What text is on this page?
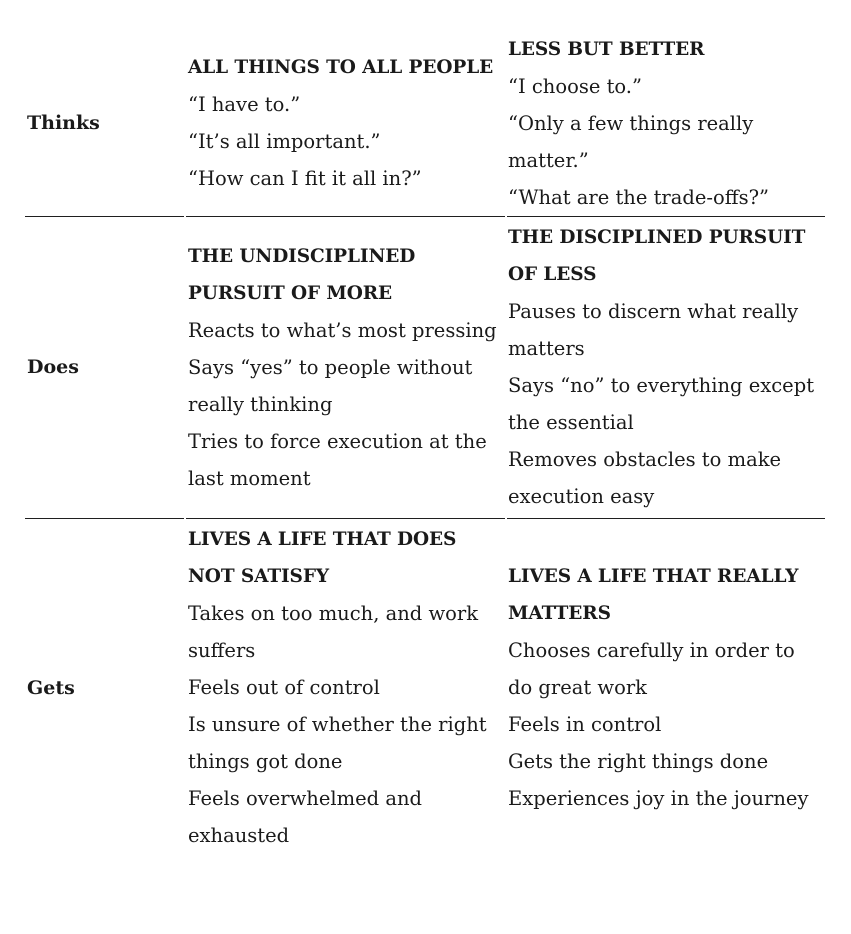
Thinks
ALL THINGS TO ALL PEOPLE
“I have to.”
“It’s all important.”
“How can I fit it all in?”
LESS BUT BETTER
“I choose to.”
“Only a few things really
matter.”
“What are the trade-offs?”
Does
THE UNDISCIPLINED
PURSUIT OF MORE
Reacts to what’s most pressing
Says “yes” to people without
really thinking
Tries to force execution at the
last moment
THE DISCIPLINED PURSUIT
OF LESS
Pauses to discern what really
matters
Says “no” to everything except
the essential
Removes obstacles to make
execution easy
Gets
LIVES A LIFE THAT DOES
NOT SATISFY
Takes on too much, and work
suffers
Feels out of control
Is unsure of whether the right
things got done
Feels overwhelmed and
exhausted
LIVES A LIFE THAT REALLY
MATTERS
Chooses carefully in order to
do great work
Feels in control
Gets the right things done
Experiences joy in the journey
